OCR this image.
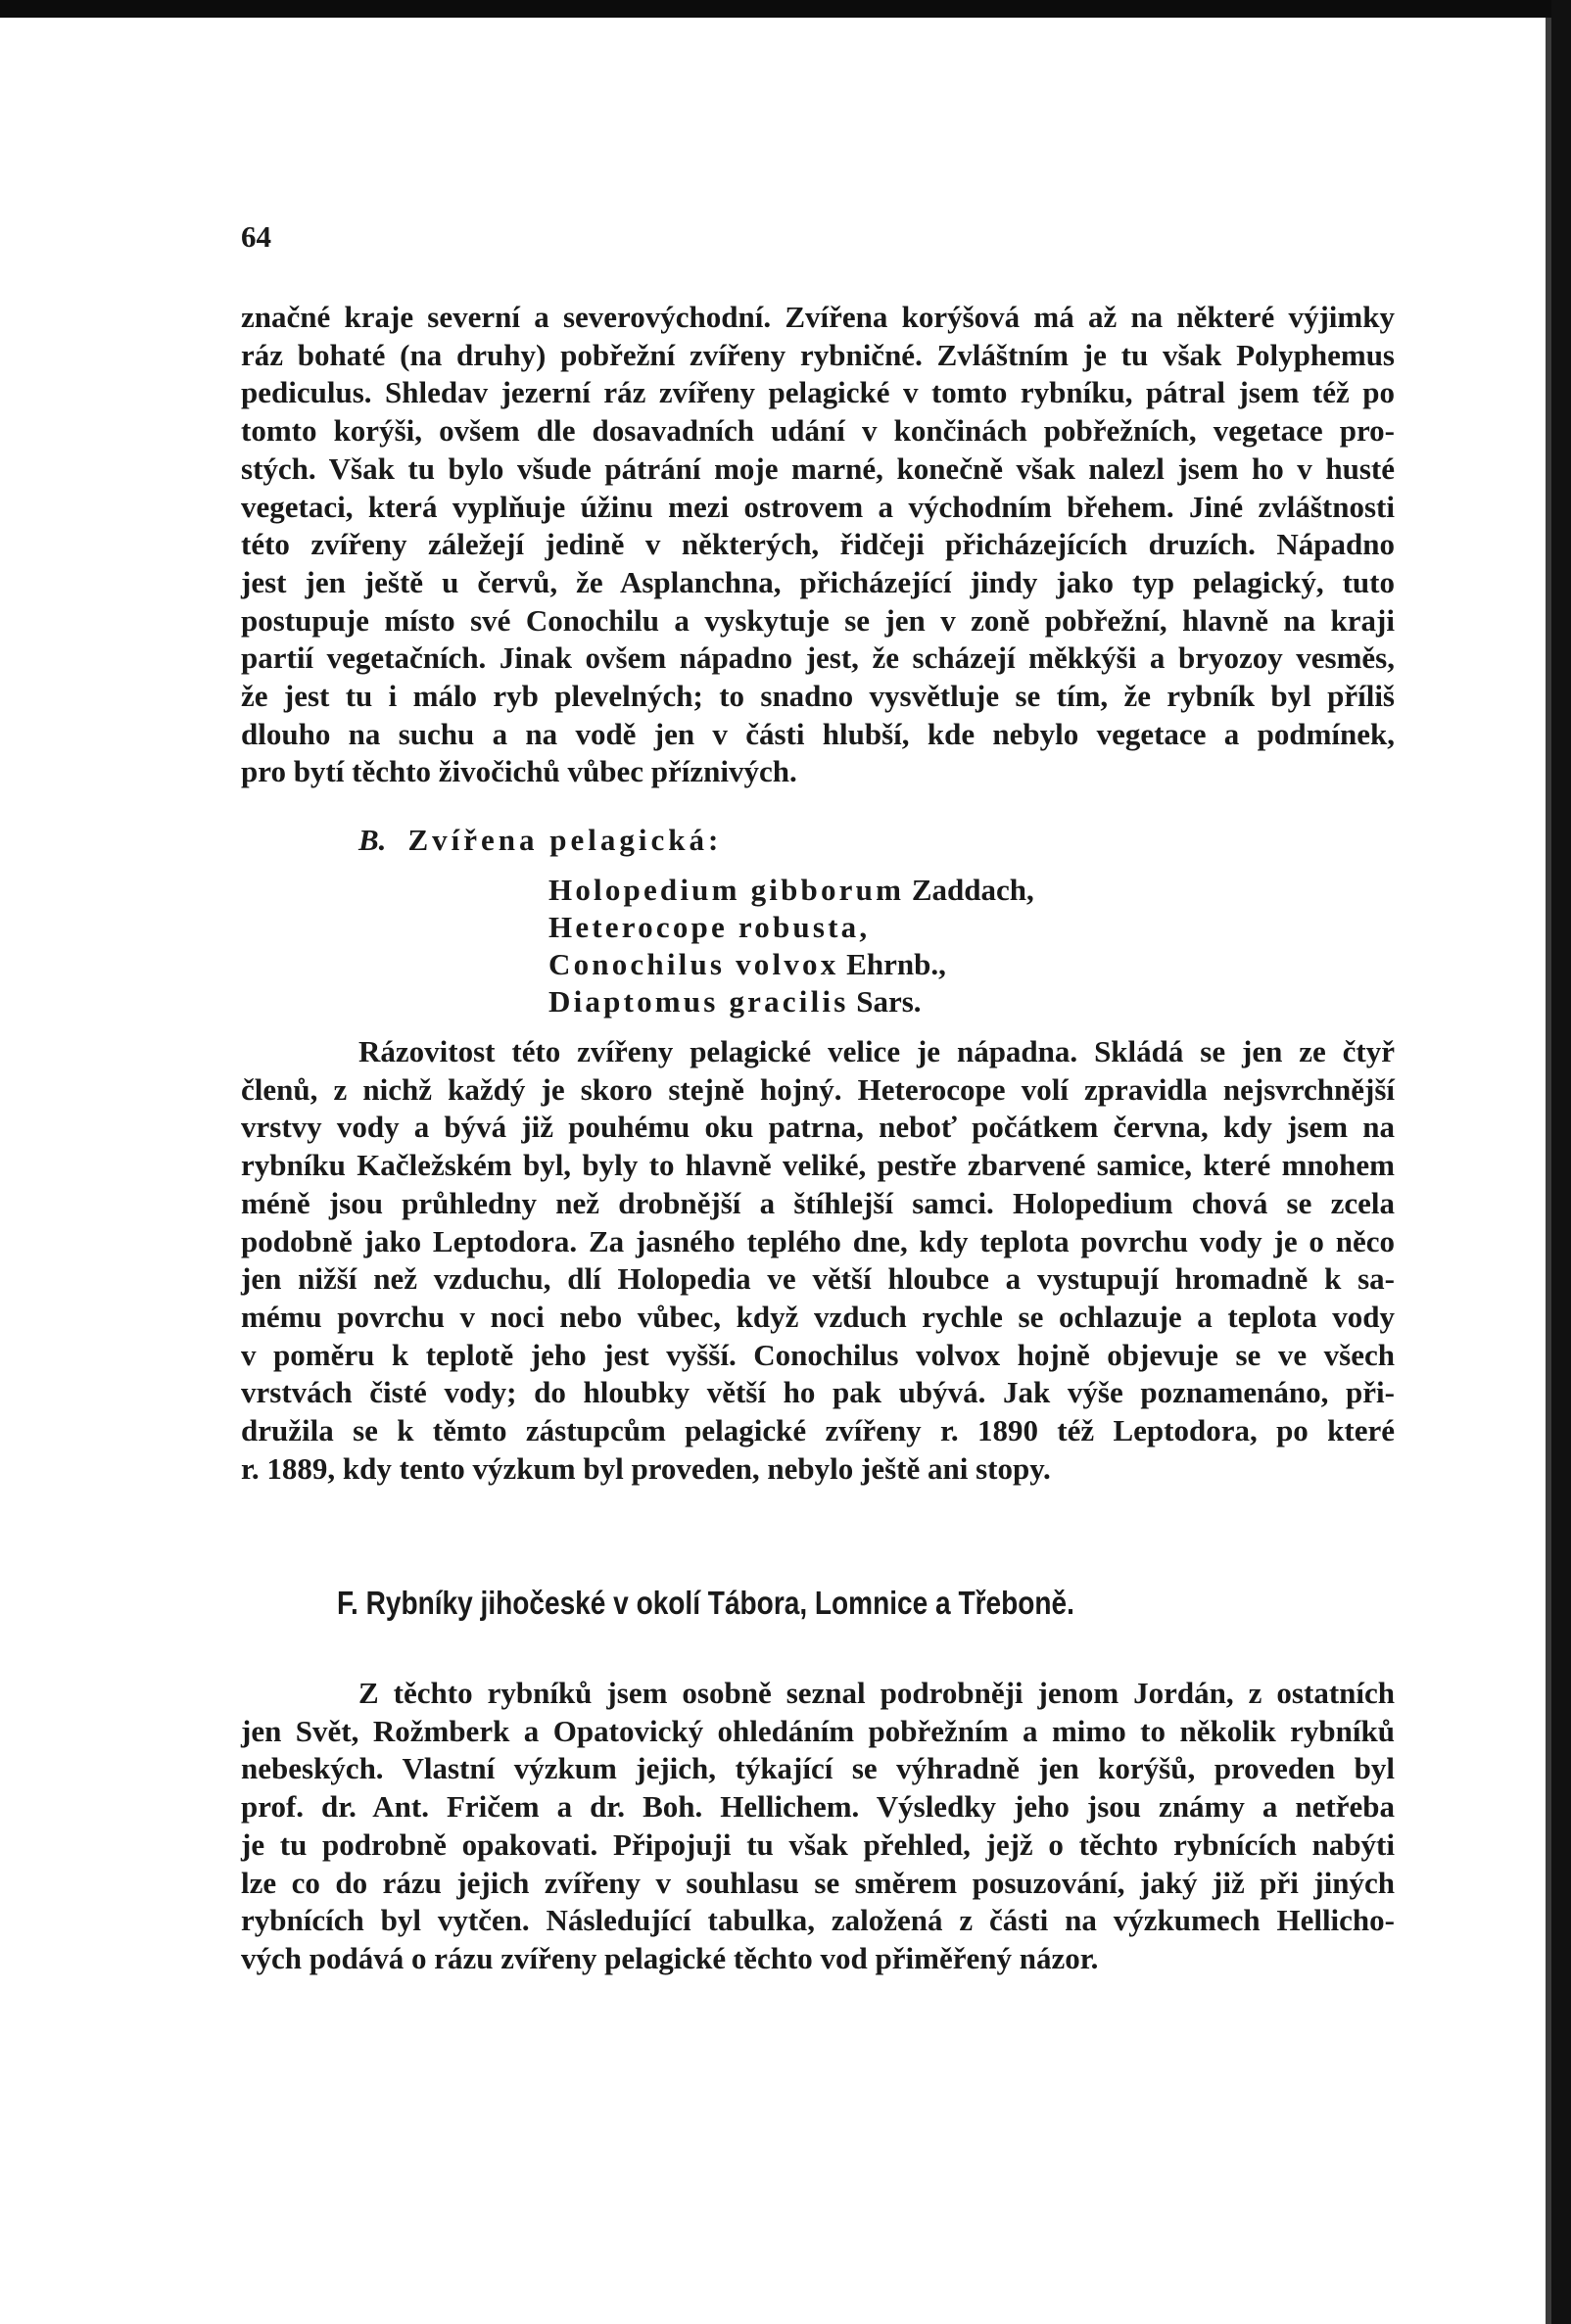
64

značné kraje severní a severovýchodní. Zvířena korýšová má až na některé výjimky
ráz bohaté (na druhy) pobřežní zvířeny rybničné. Zvláštním je tu však Polyphemus
pediculus. Shledav jezerní ráz zvířeny pelagické v tomto rybníku, pátral jsem též po
tomto korýši, ovšem dle dosavadních udání v končinách pobřežních, vegetace pro-
stých. Však tu bylo všude pátrání moje marné, konečně však nalezl jsem ho v husté
vegetaci, která vyplňuje úžinu mezi ostrovem a východním břehem. Jiné zvláštnosti
této zvířeny záležejí jedině v některých, řidčeji přicházejících druzích. Nápadno
jest jen ještě u červů, že Asplanchna, přicházející jindy jako typ pelagický, tuto
postupuje místo své Conochilu a vyskytuje se jen v zoně pobřežní, hlavně na kraji
partií vegetačních. Jinak ovšem nápadno jest, že scházejí měkkýši a bryozoy vesměs,
že jest tu i málo ryb plevelných; to snadno vysvětluje se tím, že rybník byl příliš
dlouho na suchu a na vodě jen v části hlubší, kde nebylo vegetace a podmínek,
pro bytí těchto živočichů vůbec příznivých.

B. Zvířena pelagická:

Holopedium gibborum Zaddach,
Heterocope robusta,
Conochilus volvox Ehrnb.,
Diaptomus gracilis Sars.
Rázovitost této zvířeny pelagické velice je nápadna. Skládá se jen ze čtyř
členů, z nichž každý je skoro stejně hojný. Heterocope volí zpravidla nejsvrchnější
vrstvy vody a bývá již pouhému oku patrna, neboť počátkem června, kdy jsem na
rybníku Kačležském byl, byly to hlavně veliké, pestře zbarvené samice, které mnohem
méně jsou průhledny než drobnější a štíhlejší samci. Holopedium chová se zcela
podobně jako Leptodora. Za jasného teplého dne, kdy teplota povrchu vody je o něco
jen nižší než vzduchu, dlí Holopedia ve větší hloubce a vystupují hromadně k sa-
mému povrchu v noci nebo vůbec, když vzduch rychle se ochlazuje a teplota vody
v poměru k teplotě jeho jest vyšší. Conochilus volvox hojně objevuje se ve všech
vrstvách čisté vody; do hloubky větší ho pak ubývá. Jak výše poznamenáno, při-
družila se k těmto zástupcům pelagické zvířeny r. 1890 též Leptodora, po které
r. 1889, kdy tento výzkum byl proveden, nebylo ještě ani stopy.
F. Rybníky jihočeské v okolí Tábora, Lomnice a Třeboně.
Z těchto rybníků jsem osobně seznal podrobněji jenom Jordán, z ostatních
jen Svět, Rožmberk a Opatovický ohledáním pobřežním a mimo to několik rybníků
nebeských. Vlastní výzkum jejich, týkající se výhradně jen korýšů, proveden byl
prof. dr. Ant. Fričem a dr. Boh. Hellichem. Výsledky jeho jsou známy a netřeba
je tu podrobně opakovati. Připojuji tu však přehled, jejž o těchto rybnících nabýti
lze co do rázu jejich zvířeny v souhlasu se směrem posuzování, jaký již při jiných
rybnících byl vytčen. Následující tabulka, založená z části na výzkumech Hellicho-
vých podává o rázu zvířeny pelagické těchto vod přiměřený názor.
